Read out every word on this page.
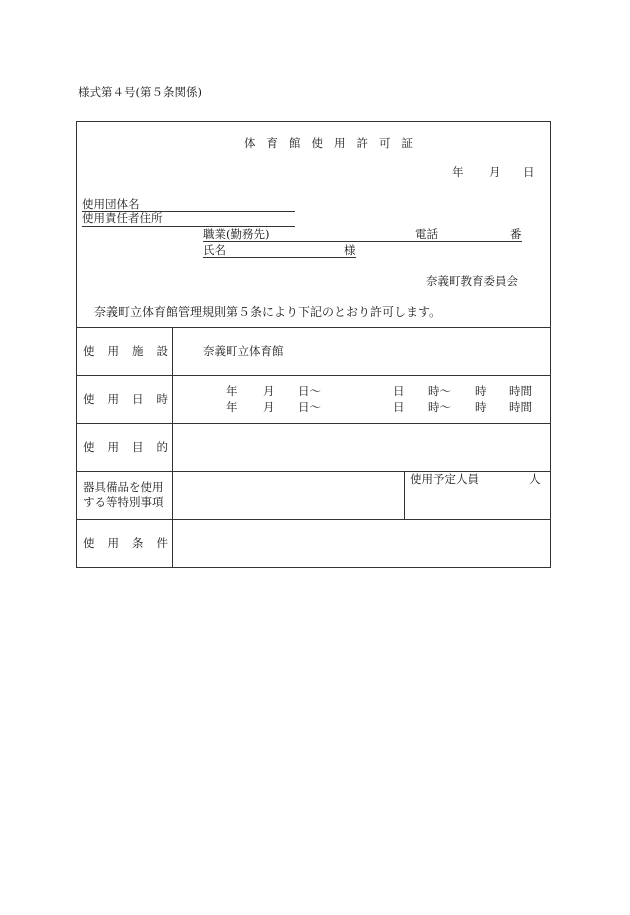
様式第４号(第５条関係)
体育館使用許可証
年 月 日
使用団体名
使用責任者住所
職業(勤務先)	電話	番
氏名	様
奈義町教育委員会
奈義町立体育館管理規則第５条により下記のとおり許可します。
使用施設 奈義町立体育館
使用日時
年 月 日〜	日 時〜 時 時間
年 月 日〜	日 時〜 時 時間
使用目的
器具備品を使用
する等特別事項
使用予定人員	人
使用条件
